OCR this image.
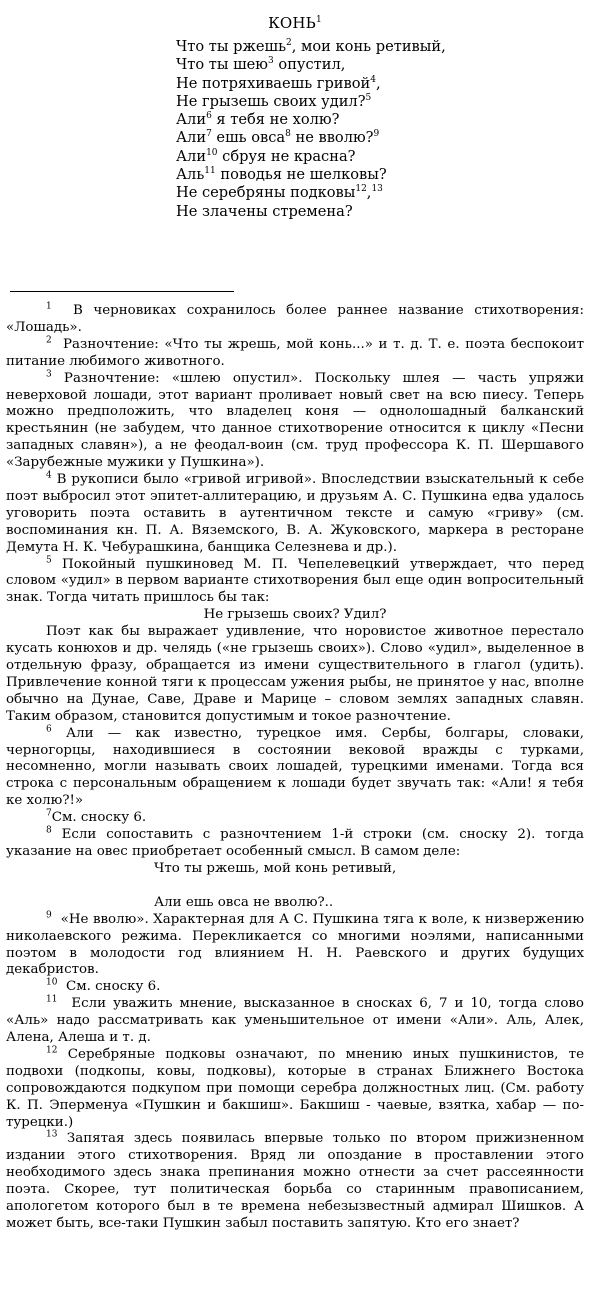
КОНЬ$^1$
Что ты ржешь$^2$, мои конь ретивый,
Что ты шею$^3$ опустил,
Не потряхиваешь гривой$^4$,
Не грызешь своих удил?$^5$
Али$^6$ я тебя не холю?
Али$^7$ ешь овса$^8$ не вволю?$^9$
Али$^{10}$ сбруя не красна?
Аль$^{11}$ поводья не шелковы?
Не серебряны подковы$^{12}$,$^{13}$
Не злачены стремена?

$^1$  В черновиках сохранилось более раннее название стихотворения: «Лошадь».

$^2$  Разночтение: «Что ты жрешь, мой конь...» и т. д. Т. е. поэта беспокоит питание любимого животного.

$^3$ Разночтение: «шлею опустил». Поскольку шлея — часть упряжи неверховой лошади, этот вариант проливает новый свет на всю пиесу. Теперь можно предположить, что владелец коня — однолошадный балканский крестьянин (не забудем, что данное стихотворение относится к циклу «Песни западных славян»), а не феодал-воин (см. труд профессора К. П. Шершавого «Зарубежные мужики у Пушкина»).

$^4$ В рукописи было «гривой игривой». Впоследствии взыскательный к себе поэт выбросил этот эпитет-аллитерацию, и друзьям А. С. Пушкина едва удалось уговорить поэта оставить в аутентичном тексте и самую «гриву» (см. воспоминания кн. П. А. Вяземского, В. А. Жуковского, маркера в ресторане Демута Н. К. Чебурашкина, банщика Селезнева и др.).

$^5$ Покойный пушкиновед М. П. Чепелевецкий утверждает, что перед словом «удил» в первом варианте стихотворения был еще один вопросительный знак. Тогда читать пришлось бы так:

Не грызешь своих? Удил?

Поэт как бы выражает удивление, что норовистое животное перестало кусать конюхов и др. челядь («не грызешь своих»). Слово «удил», выделенное в отдельную фразу, обращается из имени существительного в глагол (удить). Привлечение конной тяги к процессам ужения рыбы, не принятое у нас, вполне обычно на Дунае, Саве, Драве и Марице – словом землях западных славян. Таким образом, становится допустимым и токое разночтение.

$^6$ Али — как известно, турецкое имя. Сербы, болгары, словаки, черногорцы, находившиеся в состоянии вековой вражды с турками, несомненно, могли называть своих лошадей, турецкими именами. Тогда вся строка с персональным обращением к лошади будет звучать так: «Али! я тебя ке холю?!»

$^7$См. сноску 6.

$^8$ Если сопоставить с разночтением 1-й строки (см. сноску 2). тогда указание на овес приобретает особенный смысл. В самом деле:

Что ты ржешь, мой конь ретивый,

Али ешь овса не вволю?..

$^9$  «Не вволю». Характерная для А С. Пушкина тяга к воле, к низвержению николаевского режима. Перекликается со многими ноэлями, написанными поэтом в молодости год влиянием Н. Н. Раевского и других будущих декабристов.

$^{10}$  См. сноску 6.

$^{11}$  Если уважить мнение, высказанное в сносках 6, 7 и 10, тогда слово «Аль» надо рассматривать как уменьшительное от имени «Али». Аль, Алек, Алена, Алеша и т. д.

$^{12}$ Серебряные подковы означают, по мнению иных пушкинистов, те подвохи (подкопы, ковы, подковы), которые в странах Ближнего Востока сопровождаются подкупом при помощи серебра должностных лиц. (См. работу К. П. Эперменуа «Пушкин и бакшиш». Бакшиш - чаевые, взятка, хабар — по-турецки.)

$^{13}$ Запятая здесь появилась впервые только по втором прижизненном издании этого стихотворения. Вряд ли опоздание в проставлении этого необходимого здесь знака препинания можно отнести за счет рассеянности поэта. Скорее, тут политическая борьба со старинным правописанием, апологетом которого был в те времена небезызвестный адмирал Шишков. А может быть, все-таки Пушкин забыл поставить запятую. Кто его знает?
